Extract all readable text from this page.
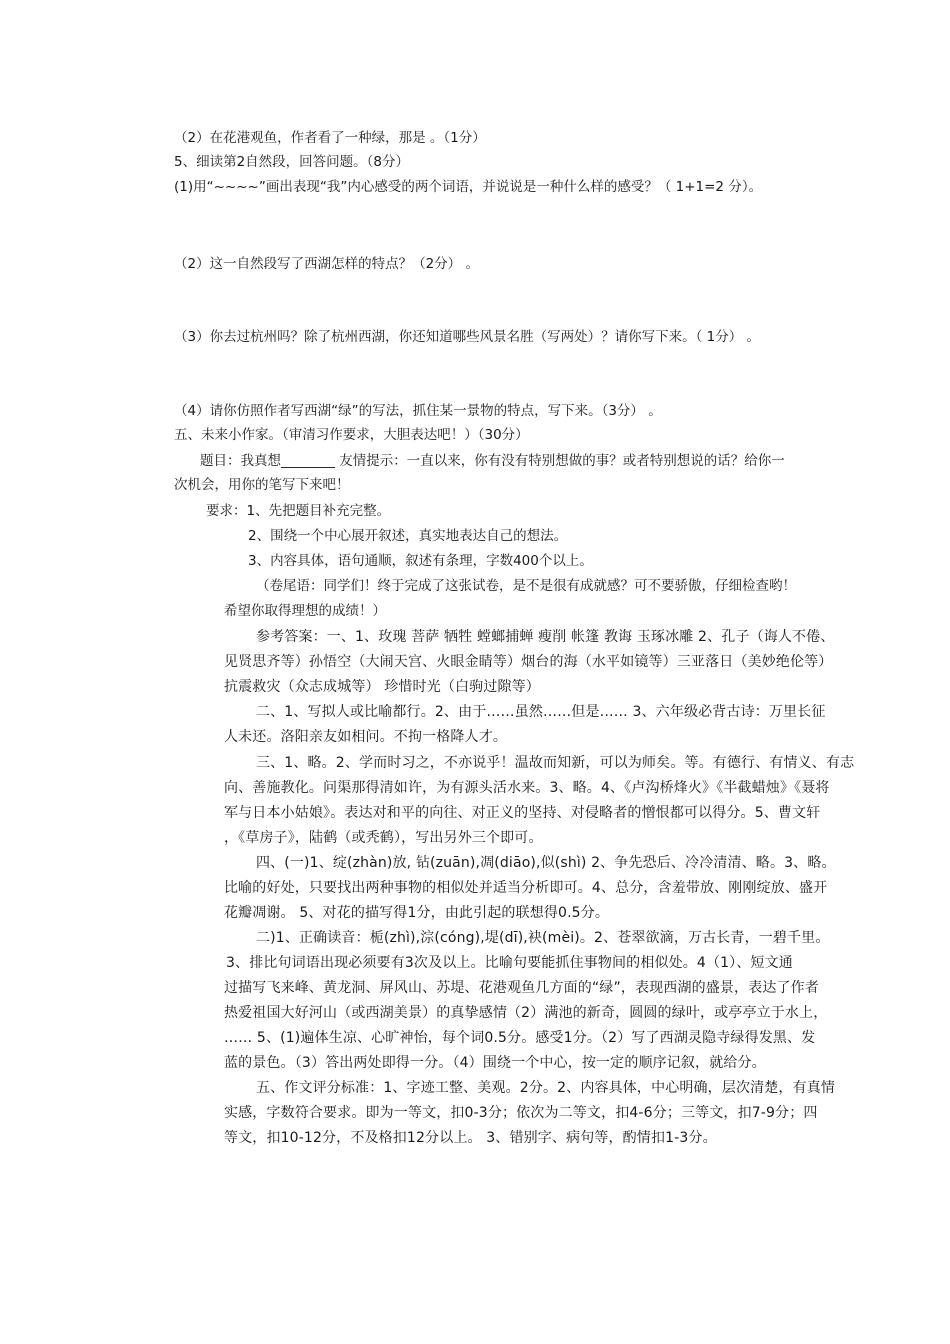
（2）在花港观鱼，作者看了一种绿，那是 。（1分）
5、细读第2自然段，回答问题。（8分）
(1)用“~~~~”画出表现“我”内心感受的两个词语，并说说是一种什么样的感受？（ 1+1=2 分）。
（2）这一自然段写了西湖怎样的特点？（2分） 。
（3）你去过杭州吗？除了杭州西湖，你还知道哪些风景名胜（写两处）？请你写下来。（ 1分） 。
（4）请你仿照作者写西湖“绿”的写法，抓住某一景物的特点，写下来。（3分） 。
五、未来小作家。（审清习作要求，大胆表达吧！）（30分）
题目：我真想________ 友情提示：一直以来，你有没有特别想做的事？或者特别想说的话？给你一
次机会，用你的笔写下来吧！
要求：1、先把题目补充完整。
2、围绕一个中心展开叙述，真实地表达自己的想法。
3、内容具体，语句通顺，叙述有条理，字数400个以上。
（卷尾语：同学们！终于完成了这张试卷，是不是很有成就感？可不要骄傲，仔细检查哟！
希望你取得理想的成绩！）
参考答案：一、1、玫瑰 菩萨 牺牲 螳螂捕蝉 瘦削 帐篷 教诲 玉琢冰雕 2、孔子（诲人不倦、
见贤思齐等）孙悟空（大闹天宫、火眼金睛等）烟台的海（水平如镜等）三亚落日（美妙绝伦等）
抗震救灾（众志成城等） 珍惜时光（白驹过隙等）
二、1、写拟人或比喻都行。2、由于……虽然……但是…… 3、六年级必背古诗：万里长征
人未还。洛阳亲友如相问。不拘一格降人才。
三、1、略。2、学而时习之，不亦说乎！温故而知新，可以为师矣。等。有德行、有情义、有志
向、善施教化。问渠那得清如许，为有源头活水来。3、略。4、《卢沟桥烽火》《半截蜡烛》《聂将
军与日本小姑娘》。表达对和平的向往、对正义的坚持、对侵略者的憎恨都可以得分。5、曹文轩
，《草房子》，陆鹤（或秃鹤），写出另外三个即可。
四、(一)1、绽(zhàn)放, 钻(zuān),凋(diāo),似(shì) 2、争先恐后、冷冷清清、略。3、略。
比喻的好处，只要找出两种事物的相似处并适当分析即可。4、总分，含羞带放、刚刚绽放、盛开
花瓣凋谢。 5、对花的描写得1分，由此引起的联想得0.5分。
二)1、正确读音：栀(zhì),淙(cóng),堤(dī),袂(mèi)。2、苍翠欲滴，万古长青，一碧千里。
3、排比句词语出现必须要有3次及以上。比喻句要能抓住事物间的相似处。4（1）、短文通
过描写飞来峰、黄龙洞、屏风山、苏堤、花港观鱼几方面的“绿”，表现西湖的盛景，表达了作者
热爱祖国大好河山（或西湖美景）的真挚感情（2）满池的新奇，圆圆的绿叶，或亭亭立于水上，
…… 5、(1)遍体生凉、心旷神怡，每个词0.5分。感受1分。（2）写了西湖灵隐寺绿得发黑、发
蓝的景色。（3）答出两处即得一分。（4）围绕一个中心，按一定的顺序记叙，就给分。
五、作文评分标准：1、字迹工整、美观。2分。2、内容具体，中心明确，层次清楚，有真情
实感，字数符合要求。即为一等文，扣0-3分；依次为二等文，扣4-6分；三等文，扣7-9分；四
等文，扣10-12分，不及格扣12分以上。 3、错别字、病句等，酌情扣1-3分。
